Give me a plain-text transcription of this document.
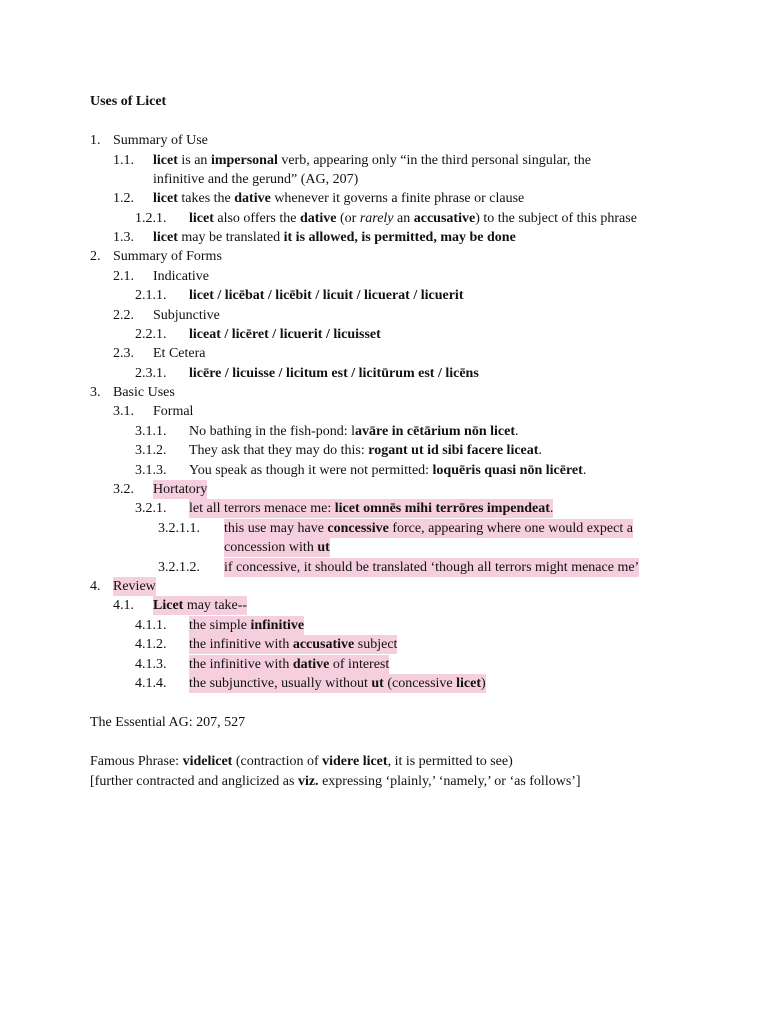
Uses of Licet
1. Summary of Use
1.1. licet is an impersonal verb, appearing only “in the third personal singular, the
infinitive and the gerund” (AG, 207)
1.2. licet takes the dative whenever it governs a finite phrase or clause
1.2.1. licet also offers the dative (or rarely an accusative) to the subject of this phrase
1.3. licet may be translated it is allowed, is permitted, may be done
2. Summary of Forms
2.1. Indicative
2.1.1. licet / licēbat / licēbit / licuit / licuerat / licuerit
2.2. Subjunctive
2.2.1. liceat / licēret / licuerit / licuisset
2.3. Et Cetera
2.3.1. licēre / licuisse / licitum est / licitūrum est / licēns
3. Basic Uses
3.1. Formal
3.1.1. No bathing in the fish-pond: lavāre in cētārium nōn licet.
3.1.2. They ask that they may do this: rogant ut id sibi facere liceat.
3.1.3. You speak as though it were not permitted: loquēris quasi nōn licēret.
3.2. Hortatory
3.2.1. let all terrors menace me: licet omnēs mihi terrōres impendeat.
3.2.1.1. this use may have concessive force, appearing where one would expect a
concession with ut
3.2.1.2. if concessive, it should be translated ‘though all terrors might menace me’
4. Review
4.1. Licet may take--
4.1.1. the simple infinitive
4.1.2. the infinitive with accusative subject
4.1.3. the infinitive with dative of interest
4.1.4. the subjunctive, usually without ut (concessive licet)
The Essential AG: 207, 527
Famous Phrase: videlicet (contraction of videre licet, it is permitted to see)
[further contracted and anglicized as viz. expressing ‘plainly,’ ‘namely,’ or ‘as follows’]
